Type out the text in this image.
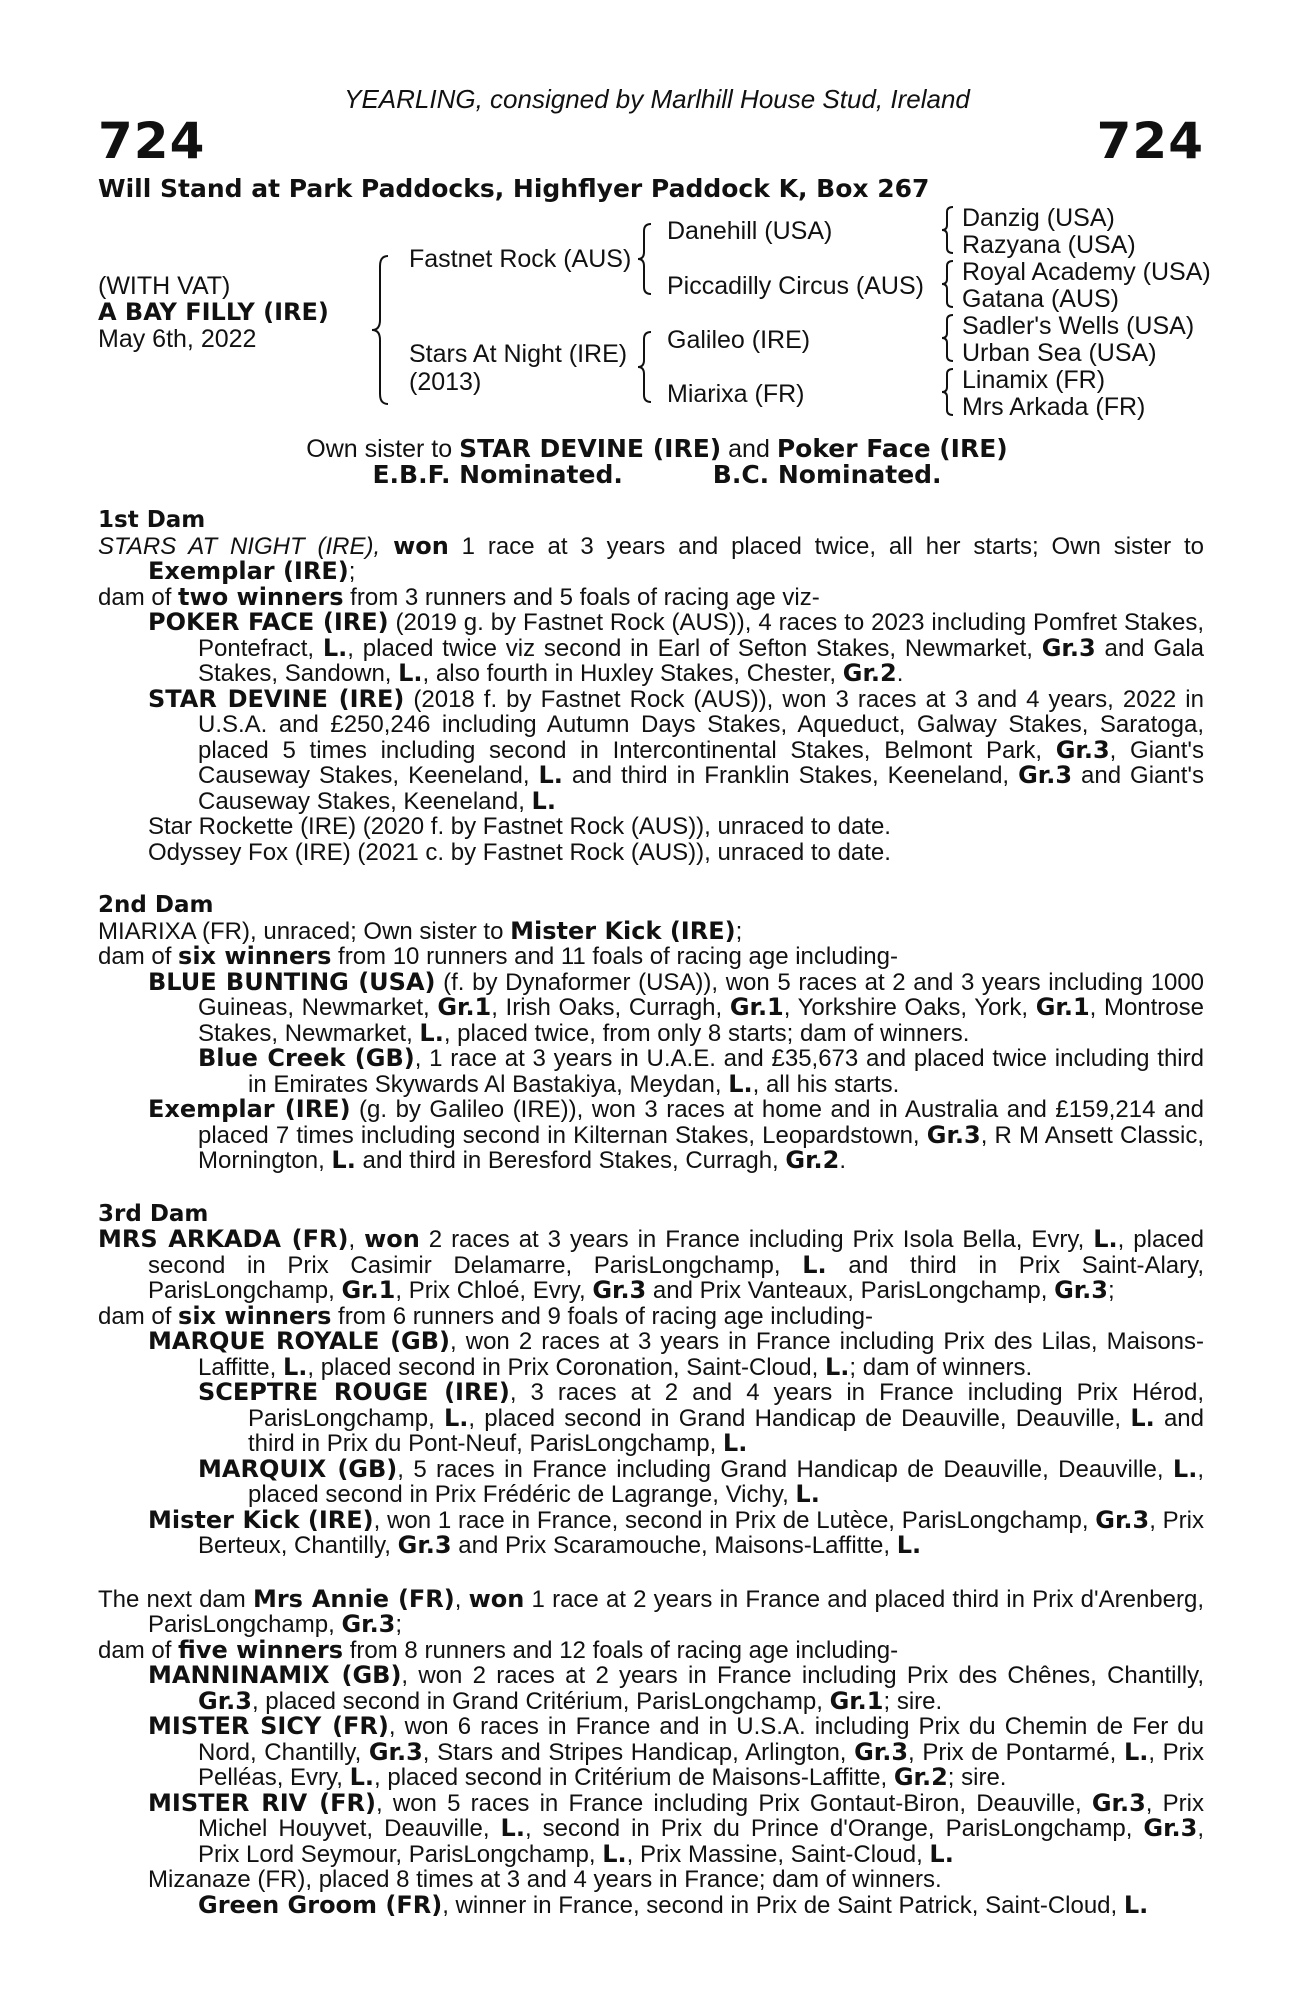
YEARLING, consigned by Marlhill House Stud, Ireland
724	724
Will Stand at Park Paddocks, Highflyer Paddock K, Box 267
(WITH VAT)
A BAY FILLY (IRE)
May 6th, 2022
Fastnet Rock (AUS)
Stars At Night (IRE)
(2013)
Danehill (USA)
Piccadilly Circus (AUS)
Galileo (IRE)
Miarixa (FR)
Danzig (USA)
Razyana (USA)
Royal Academy (USA)
Gatana (AUS)
Sadler's Wells (USA)
Urban Sea (USA)
Linamix (FR)
Mrs Arkada (FR)
Own sister to STAR DEVINE (IRE) and Poker Face (IRE)
E.B.F. Nominated.	B.C. Nominated.

1st Dam

STARS AT NIGHT (IRE), won 1 race at 3 years and placed twice, all her starts; Own sister to Exemplar (IRE);

dam of two winners from 3 runners and 5 foals of racing age viz-

POKER FACE (IRE) (2019 g. by Fastnet Rock (AUS)), 4 races to 2023 including Pomfret Stakes, Pontefract, L., placed twice viz second in Earl of Sefton Stakes, Newmarket, Gr.3 and Gala Stakes, Sandown, L., also fourth in Huxley Stakes, Chester, Gr.2.

STAR DEVINE (IRE) (2018 f. by Fastnet Rock (AUS)), won 3 races at 3 and 4 years, 2022 in U.S.A. and £250,246 including Autumn Days Stakes, Aqueduct, Galway Stakes, Saratoga, placed 5 times including second in Intercontinental Stakes, Belmont Park, Gr.3, Giant's Causeway Stakes, Keeneland, L. and third in Franklin Stakes, Keeneland, Gr.3 and Giant's Causeway Stakes, Keeneland, L.

Star Rockette (IRE) (2020 f. by Fastnet Rock (AUS)), unraced to date.

Odyssey Fox (IRE) (2021 c. by Fastnet Rock (AUS)), unraced to date.

2nd Dam

MIARIXA (FR), unraced; Own sister to Mister Kick (IRE);

dam of six winners from 10 runners and 11 foals of racing age including-

BLUE BUNTING (USA) (f. by Dynaformer (USA)), won 5 races at 2 and 3 years including 1000 Guineas, Newmarket, Gr.1, Irish Oaks, Curragh, Gr.1, Yorkshire Oaks, York, Gr.1, Montrose Stakes, Newmarket, L., placed twice, from only 8 starts; dam of winners.

Blue Creek (GB), 1 race at 3 years in U.A.E. and £35,673 and placed twice including third in Emirates Skywards Al Bastakiya, Meydan, L., all his starts.

Exemplar (IRE) (g. by Galileo (IRE)), won 3 races at home and in Australia and £159,214 and placed 7 times including second in Kilternan Stakes, Leopardstown, Gr.3, R M Ansett Classic, Mornington, L. and third in Beresford Stakes, Curragh, Gr.2.

3rd Dam

MRS ARKADA (FR), won 2 races at 3 years in France including Prix Isola Bella, Evry, L., placed second in Prix Casimir Delamarre, ParisLongchamp, L. and third in Prix Saint-Alary, ParisLongchamp, Gr.1, Prix Chloé, Evry, Gr.3 and Prix Vanteaux, ParisLongchamp, Gr.3;

dam of six winners from 6 runners and 9 foals of racing age including-

MARQUE ROYALE (GB), won 2 races at 3 years in France including Prix des Lilas, Maisons-Laffitte, L., placed second in Prix Coronation, Saint-Cloud, L.; dam of winners.

SCEPTRE ROUGE (IRE), 3 races at 2 and 4 years in France including Prix Hérod, ParisLongchamp, L., placed second in Grand Handicap de Deauville, Deauville, L. and third in Prix du Pont-Neuf, ParisLongchamp, L.

MARQUIX (GB), 5 races in France including Grand Handicap de Deauville, Deauville, L., placed second in Prix Frédéric de Lagrange, Vichy, L.

Mister Kick (IRE), won 1 race in France, second in Prix de Lutèce, ParisLongchamp, Gr.3, Prix Berteux, Chantilly, Gr.3 and Prix Scaramouche, Maisons-Laffitte, L.

The next dam Mrs Annie (FR), won 1 race at 2 years in France and placed third in Prix d'Arenberg, ParisLongchamp, Gr.3;

dam of five winners from 8 runners and 12 foals of racing age including-

MANNINAMIX (GB), won 2 races at 2 years in France including Prix des Chênes, Chantilly, Gr.3, placed second in Grand Critérium, ParisLongchamp, Gr.1; sire.

MISTER SICY (FR), won 6 races in France and in U.S.A. including Prix du Chemin de Fer du Nord, Chantilly, Gr.3, Stars and Stripes Handicap, Arlington, Gr.3, Prix de Pontarmé, L., Prix Pelléas, Evry, L., placed second in Critérium de Maisons-Laffitte, Gr.2; sire.

MISTER RIV (FR), won 5 races in France including Prix Gontaut-Biron, Deauville, Gr.3, Prix Michel Houyvet, Deauville, L., second in Prix du Prince d'Orange, ParisLongchamp, Gr.3, Prix Lord Seymour, ParisLongchamp, L., Prix Massine, Saint-Cloud, L.

Mizanaze (FR), placed 8 times at 3 and 4 years in France; dam of winners.

Green Groom (FR), winner in France, second in Prix de Saint Patrick, Saint-Cloud, L.
